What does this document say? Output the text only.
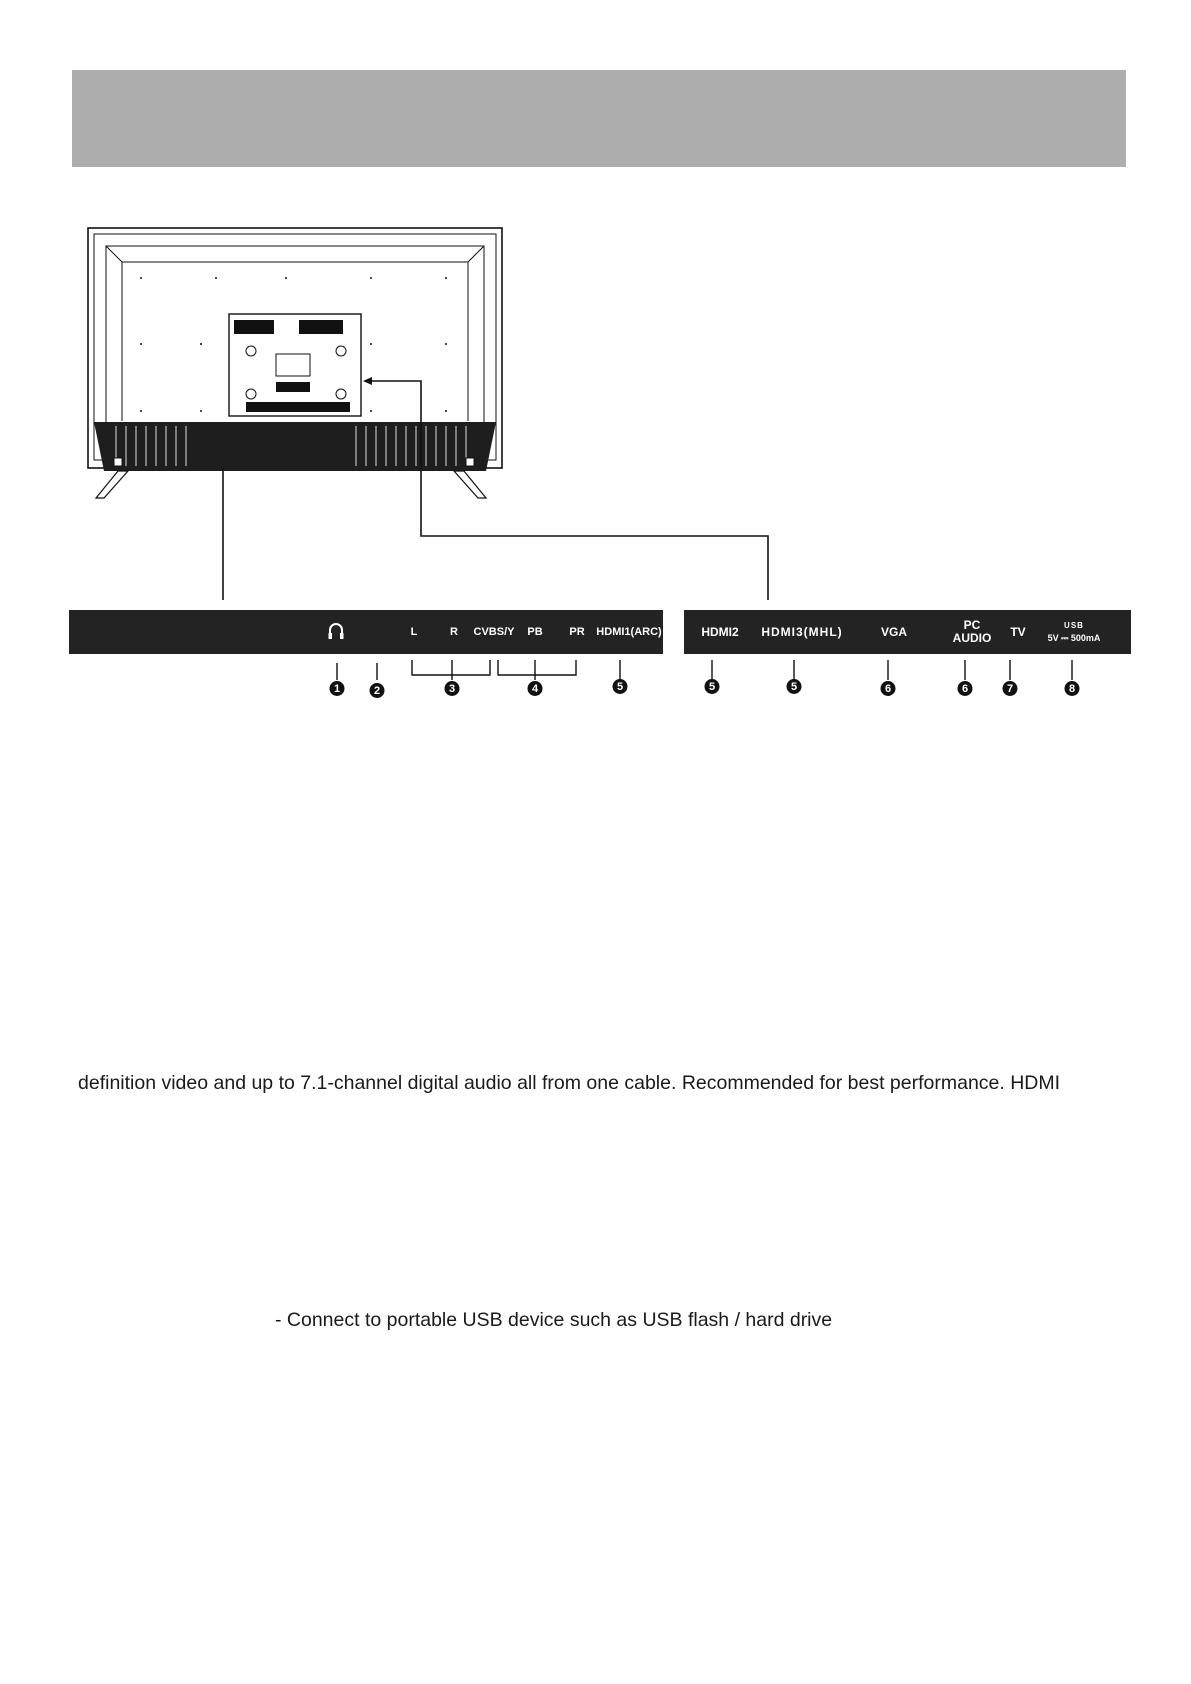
L	R CVBS/Y PB PR HDMI1(ARC)	HDMI2 HDMI3(MHL)	VGA	PC
AUDIO TV	USB
5V ⎓ 500mA
1	2	3	4	5	5	5	6	6	7	8
definition video and up to 7.1-channel digital audio all from one cable. Recommended for best performance. HDMI
- Connect to portable USB device such as USB flash / hard drive
